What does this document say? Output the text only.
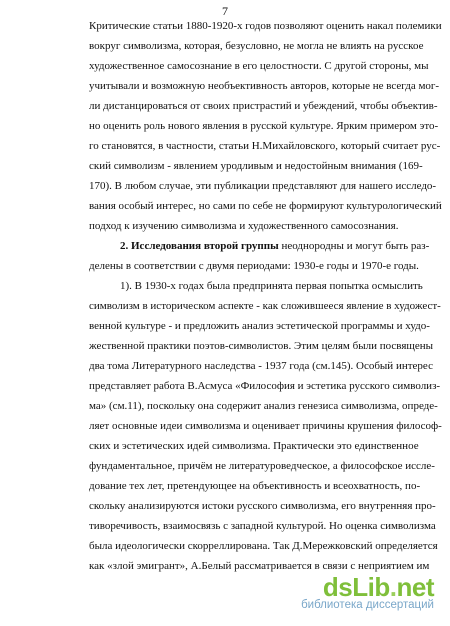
7
Критические статьи 1880-1920-х годов позволяют оценить накал полемики
вокруг символизма, которая, безусловно, не могла не влиять на русское
художественное самосознание в его целостности. С другой стороны, мы
учитывали и возможную необъективность авторов, которые не всегда мог-
ли дистанцироваться от своих пристрастий и убеждений, чтобы объектив-
но оценить роль нового явления в русской культуре. Ярким примером это-
го становятся, в частности, статьи Н.Михайловского, который считает рус-
ский символизм - явлением уродливым и недостойным внимания (169-
170). В любом случае, эти публикации представляют для нашего исследо-
вания особый интерес, но сами по себе не формируют культурологический
подход к изучению символизма и художественного самосознания.
2. Исследования второй группы неоднородны и могут быть раз-
делены в соответствии с двумя периодами: 1930-е годы и 1970-е годы.
1). В 1930-х годах была предпринята первая попытка осмыслить
символизм в историческом аспекте - как сложившееся явление в художест-
венной культуре - и предложить анализ эстетической программы и худо-
жественной практики поэтов-символистов. Этим целям были посвящены
два тома Литературного наследства - 1937 года (см.145). Особый интерес
представляет работа В.Асмуса «Философия и эстетика русского символиз-
ма» (см.11), поскольку она содержит анализ генезиса символизма, опреде-
ляет основные идеи символизма и оценивает причины крушения философ-
ских и эстетических идей символизма. Практически это единственное
фундаментальное, причём не литературоведческое, а философское иссле-
дование тех лет, претендующее на объективность и всеохватность, по-
скольку анализируются истоки русского символизма, его внутренняя про-
тиворечивость, взаимосвязь с западной культурой. Но оценка символизма
была идеологически скорреллирована. Так Д.Мережковский определяется
как «злой эмигрант», А.Белый рассматривается в связи с неприятием им
dsLib.net
библиотека диссертаций
